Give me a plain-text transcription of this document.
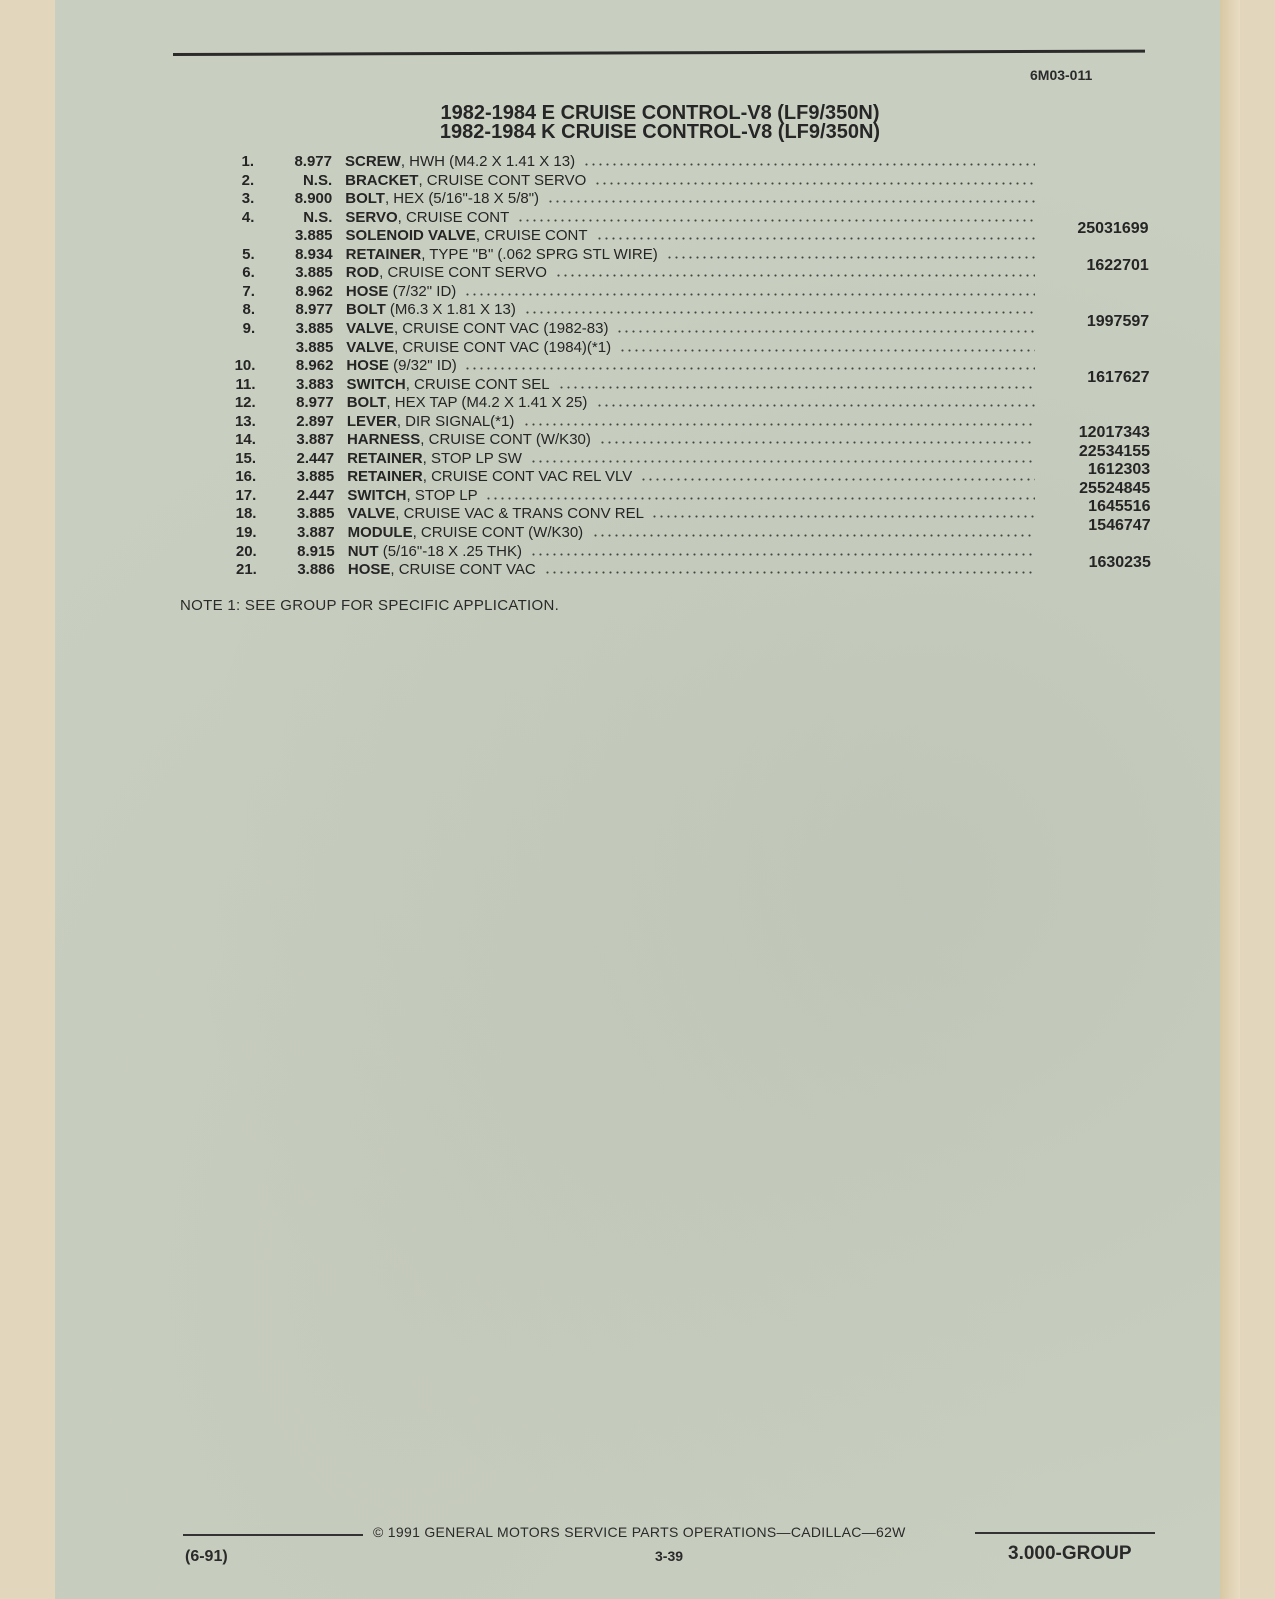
6M03-011
1982-1984 E CRUISE CONTROL-V8 (LF9/350N)
1982-1984 K CRUISE CONTROL-V8 (LF9/350N)
1.	8.977 SCREW, HWH (M4.2 X 1.41 X 13)
2.	N.S. BRACKET, CRUISE CONT SERVO
3.	8.900 BOLT, HEX (5/16"-18 X 5/8")
4.	N.S. SERVO, CRUISE CONT
3.885 SOLENOID VALVE, CRUISE CONT	25031699
5.	8.934 RETAINER, TYPE "B" (.062 SPRG STL WIRE)
6.	3.885 ROD, CRUISE CONT SERVO	1622701
7.	8.962 HOSE (7/32" ID)
8.	8.977 BOLT (M6.3 X 1.81 X 13)
9.	3.885 VALVE, CRUISE CONT VAC (1982-83)	1997597
3.885 VALVE, CRUISE CONT VAC (1984)(*1)
10.	8.962 HOSE (9/32" ID)
11.	3.883 SWITCH, CRUISE CONT SEL	1617627
12.	8.977 BOLT, HEX TAP (M4.2 X 1.41 X 25)
13.	2.897 LEVER, DIR SIGNAL(*1)
14.	3.887 HARNESS, CRUISE CONT (W/K30)	12017343
15.	2.447 RETAINER, STOP LP SW	22534155
16.	3.885 RETAINER, CRUISE CONT VAC REL VLV	1612303
17.	2.447 SWITCH, STOP LP	25524845
18.	3.885 VALVE, CRUISE VAC & TRANS CONV REL	1645516
19.	3.887 MODULE, CRUISE CONT (W/K30)	1546747
20.	8.915 NUT (5/16"-18 X .25 THK)
21.	3.886 HOSE, CRUISE CONT VAC	1630235
NOTE 1: SEE GROUP FOR SPECIFIC APPLICATION.
© 1991 GENERAL MOTORS SERVICE PARTS OPERATIONS—CADILLAC—62W
(6-91)	3-39	3.000-GROUP
